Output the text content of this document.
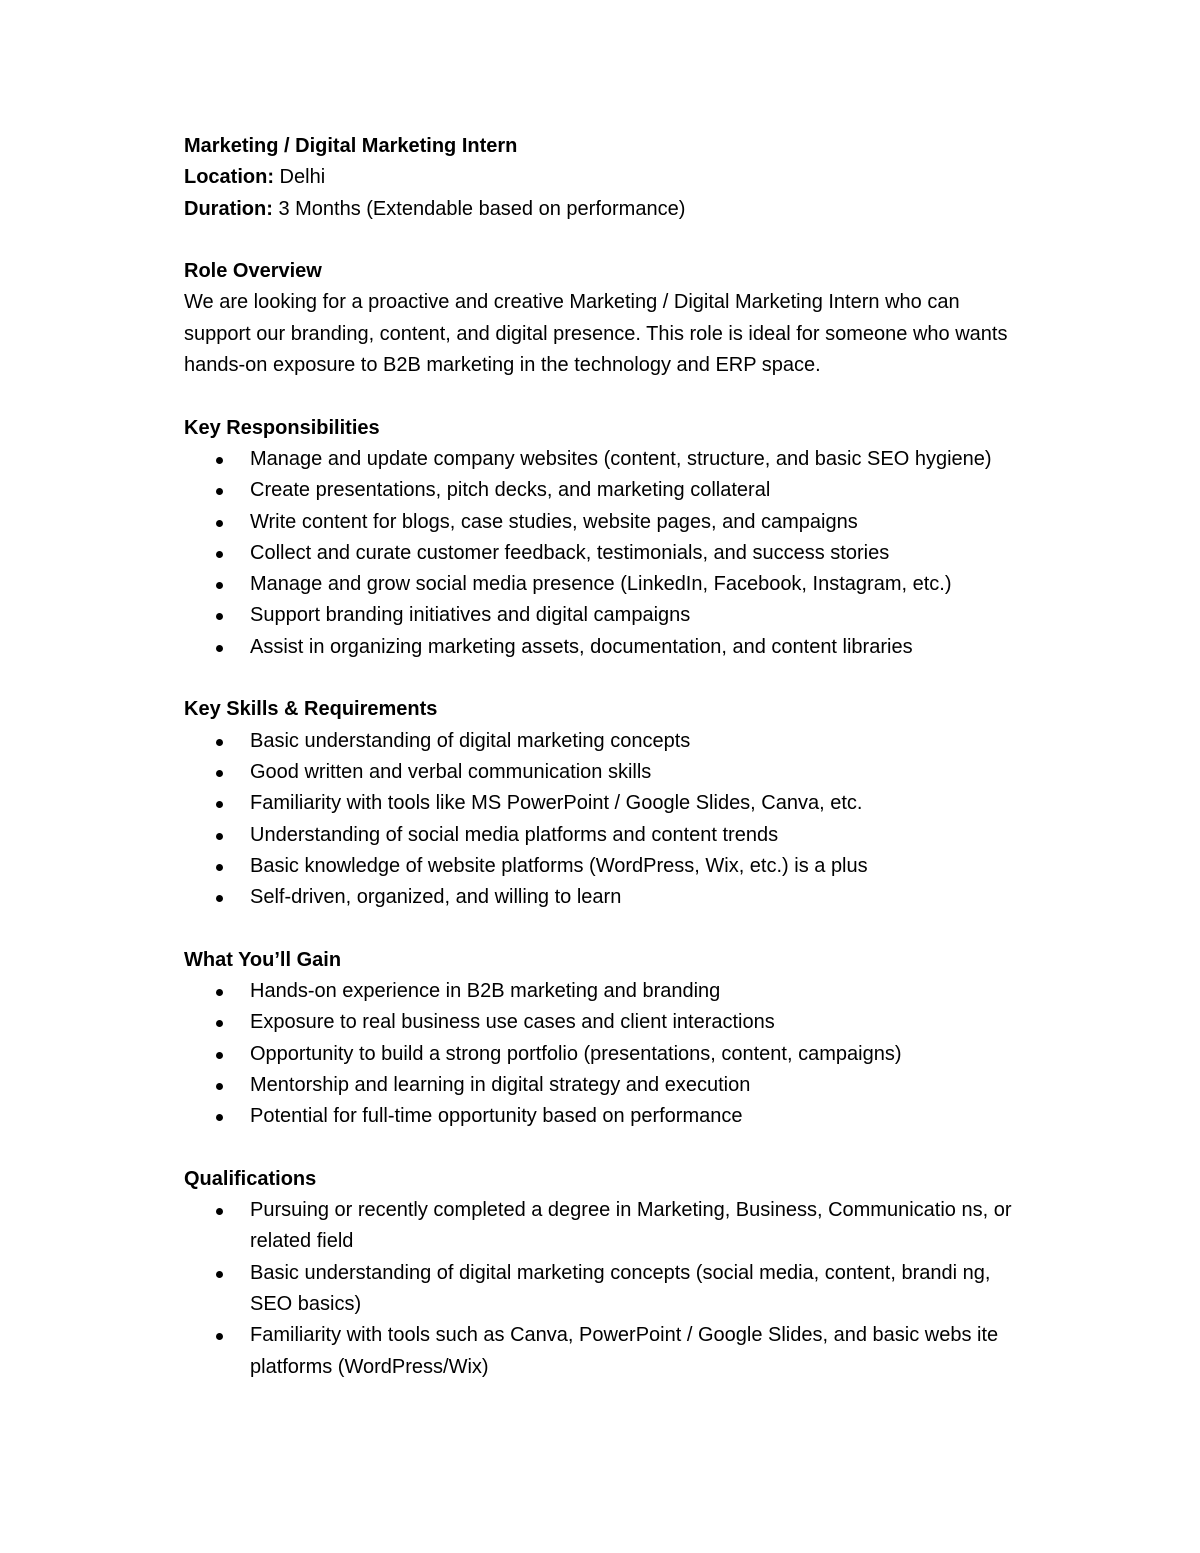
Marketing / Digital Marketing Intern

Location: Delhi

Duration: 3 Months (Extendable based on performance)

Role Overview

We are looking for a proactive and creative Marketing / Digital Marketing Intern who can support our branding, content, and digital presence. This role is ideal for someone who wants hands-on exposure to B2B marketing in the technology and ERP space.

Key Responsibilities

Manage and update company websites (content, structure, and basic SEO hygiene)
Create presentations, pitch decks, and marketing collateral
Write content for blogs, case studies, website pages, and campaigns
Collect and curate customer feedback, testimonials, and success stories
Manage and grow social media presence (LinkedIn, Facebook, Instagram, etc.)
Support branding initiatives and digital campaigns
Assist in organizing marketing assets, documentation, and content libraries

Key Skills & Requirements

Basic understanding of digital marketing concepts
Good written and verbal communication skills
Familiarity with tools like MS PowerPoint / Google Slides, Canva, etc.
Understanding of social media platforms and content trends
Basic knowledge of website platforms (WordPress, Wix, etc.) is a plus
Self-driven, organized, and willing to learn

What You’ll Gain

Hands-on experience in B2B marketing and branding
Exposure to real business use cases and client interactions
Opportunity to build a strong portfolio (presentations, content, campaigns)
Mentorship and learning in digital strategy and execution
Potential for full-time opportunity based on performance

Qualifications

Pursuing or recently completed a degree in Marketing, Business, Communicatio ns, or related field
Basic understanding of digital marketing concepts (social media, content, brandi ng, SEO basics)
Familiarity with tools such as Canva, PowerPoint / Google Slides, and basic webs ite platforms (WordPress/Wix)
